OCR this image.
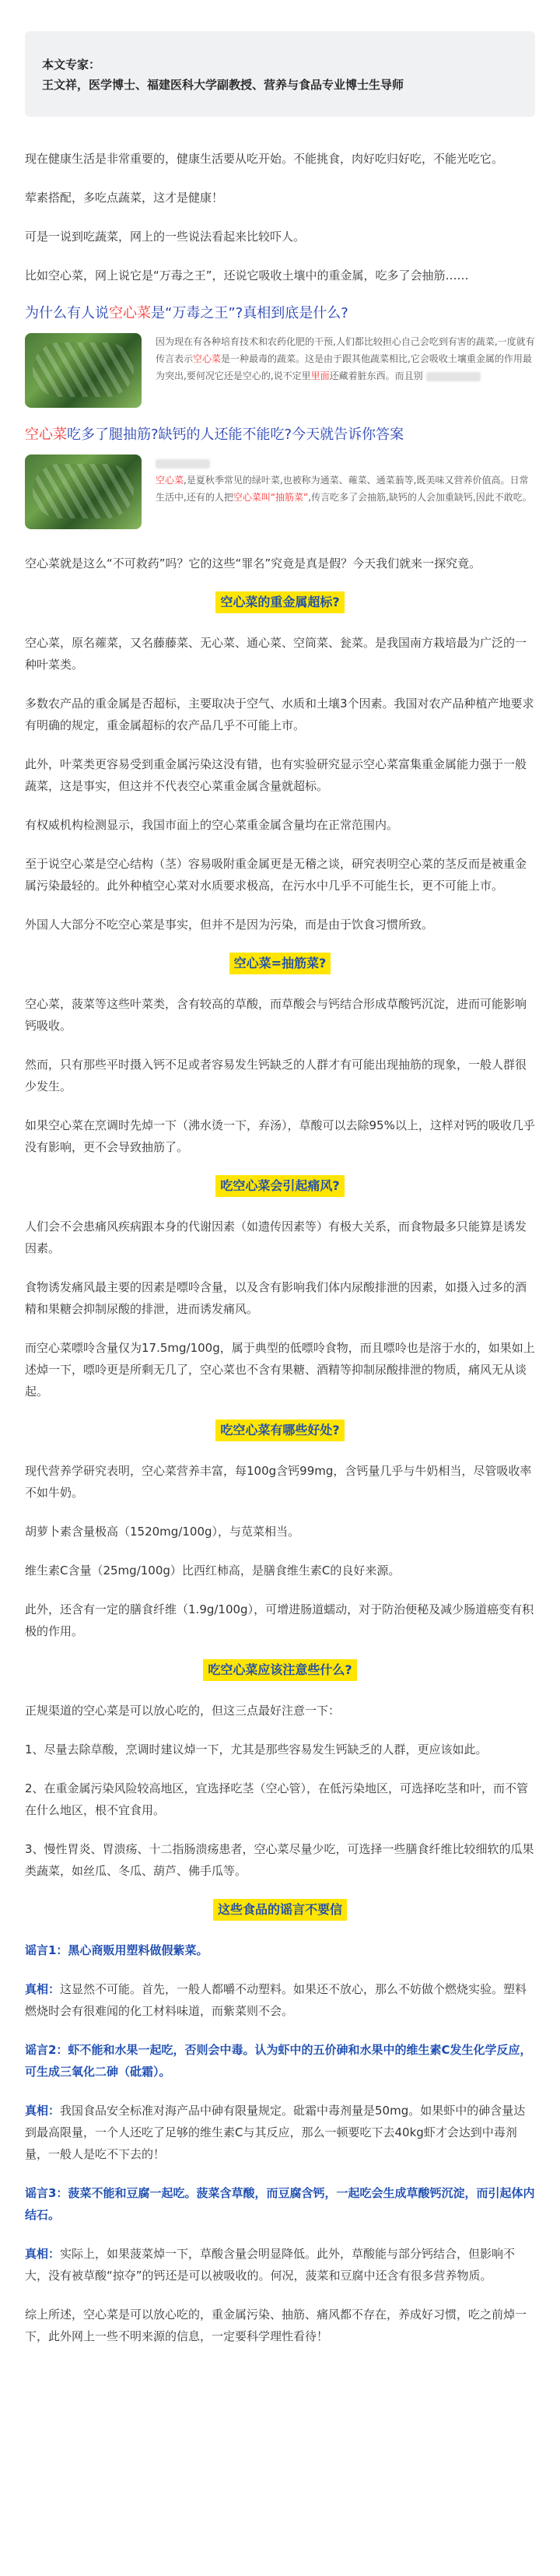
本文专家：
王文祥，医学博士、福建医科大学副教授、营养与食品专业博士生导师

现在健康生活是非常重要的，健康生活要从吃开始。不能挑食，肉好吃归好吃，不能光吃它。

荤素搭配，多吃点蔬菜，这才是健康！

可是一说到吃蔬菜，网上的一些说法看起来比较吓人。

比如空心菜，网上说它是“万毒之王”，还说它吸收土壤中的重金属，吃多了会抽筋……

为什么有人说空心菜是“万毒之王”?真相到底是什么?
因为现在有各种培育技术和农药化肥的干预,人们都比较担心自己会吃到有害的蔬菜,一度就有传言表示空心菜是一种最毒的蔬菜。这是由于跟其他蔬菜相比,它会吸收土壤重金属的作用最为突出,要何况它还是空心的,说不定里里面还藏着脏东西。而且别
空心菜吃多了腿抽筋?缺钙的人还能不能吃?今天就告诉你答案

空心菜,是夏秋季常见的绿叶菜,也被称为通菜、蕹菜、通菜蓊等,既美味又营养价值高。日常生活中,还有的人把空心菜叫“抽筋菜”,传言吃多了会抽筋,缺钙的人会加重缺钙,因此不敢吃。

空心菜就是这么“不可救药”吗？它的这些“罪名”究竟是真是假？今天我们就来一探究竟。

空心菜的重金属超标?

空心菜，原名蕹菜，又名藤藤菜、无心菜、通心菜、空筒菜、瓮菜。是我国南方栽培最为广泛的一种叶菜类。

多数农产品的重金属是否超标，主要取决于空气、水质和土壤3个因素。我国对农产品种植产地要求有明确的规定，重金属超标的农产品几乎不可能上市。

此外，叶菜类更容易受到重金属污染这没有错，也有实验研究显示空心菜富集重金属能力强于一般蔬菜，这是事实，但这并不代表空心菜重金属含量就超标。

有权威机构检测显示，我国市面上的空心菜重金属含量均在正常范围内。

至于说空心菜是空心结构（茎）容易吸附重金属更是无稽之谈，研究表明空心菜的茎反而是被重金属污染最轻的。此外种植空心菜对水质要求极高，在污水中几乎不可能生长，更不可能上市。

外国人大部分不吃空心菜是事实，但并不是因为污染，而是由于饮食习惯所致。

空心菜=抽筋菜?

空心菜，菠菜等这些叶菜类，含有较高的草酸，而草酸会与钙结合形成草酸钙沉淀，进而可能影响钙吸收。

然而，只有那些平时摄入钙不足或者容易发生钙缺乏的人群才有可能出现抽筋的现象，一般人群很少发生。

如果空心菜在烹调时先焯一下（沸水烫一下，弃汤），草酸可以去除95%以上，这样对钙的吸收几乎没有影响，更不会导致抽筋了。

吃空心菜会引起痛风?

人们会不会患痛风疾病跟本身的代谢因素（如遗传因素等）有极大关系，而食物最多只能算是诱发因素。

食物诱发痛风最主要的因素是嘌呤含量，以及含有影响我们体内尿酸排泄的因素，如摄入过多的酒精和果糖会抑制尿酸的排泄，进而诱发痛风。

而空心菜嘌呤含量仅为17.5mg/100g，属于典型的低嘌呤食物，而且嘌呤也是溶于水的，如果如上述焯一下，嘌呤更是所剩无几了，空心菜也不含有果糖、酒精等抑制尿酸排泄的物质，痛风无从谈起。

吃空心菜有哪些好处?

现代营养学研究表明，空心菜营养丰富，每100g含钙99mg，含钙量几乎与牛奶相当，尽管吸收率不如牛奶。

胡萝卜素含量极高（1520mg/100g），与苋菜相当。

维生素C含量（25mg/100g）比西红柿高，是膳食维生素C的良好来源。

此外，还含有一定的膳食纤维（1.9g/100g），可增进肠道蠕动，对于防治便秘及减少肠道癌变有积极的作用。

吃空心菜应该注意些什么?

正规渠道的空心菜是可以放心吃的，但这三点最好注意一下：

1、尽量去除草酸，烹调时建议焯一下，尤其是那些容易发生钙缺乏的人群，更应该如此。

2、在重金属污染风险较高地区，宜选择吃茎（空心管），在低污染地区，可选择吃茎和叶，而不管在什么地区，根不宜食用。

3、慢性胃炎、胃溃疡、十二指肠溃疡患者，空心菜尽量少吃，可选择一些膳食纤维比较细软的瓜果类蔬菜，如丝瓜、冬瓜、葫芦、佛手瓜等。

这些食品的谣言不要信

谣言1：黑心商贩用塑料做假紫菜。

真相：这显然不可能。首先，一般人都嚼不动塑料。如果还不放心，那么不妨做个燃烧实验。塑料燃烧时会有很难闻的化工材料味道，而紫菜则不会。

谣言2：虾不能和水果一起吃，否则会中毒。认为虾中的五价砷和水果中的维生素C发生化学反应，可生成三氧化二砷（砒霜）。

真相：我国食品安全标准对海产品中砷有限量规定。砒霜中毒剂量是50mg。如果虾中的砷含量达到最高限量，一个人还吃了足够的维生素C与其反应，那么一顿要吃下去40kg虾才会达到中毒剂量，一般人是吃不下去的！

谣言3：菠菜不能和豆腐一起吃。菠菜含草酸，而豆腐含钙，一起吃会生成草酸钙沉淀，而引起体内结石。

真相：实际上，如果菠菜焯一下，草酸含量会明显降低。此外，草酸能与部分钙结合，但影响不大，没有被草酸“掠夺”的钙还是可以被吸收的。何况，菠菜和豆腐中还含有很多营养物质。

综上所述，空心菜是可以放心吃的，重金属污染、抽筋、痛风都不存在，养成好习惯，吃之前焯一下，此外网上一些不明来源的信息，一定要科学理性看待！
